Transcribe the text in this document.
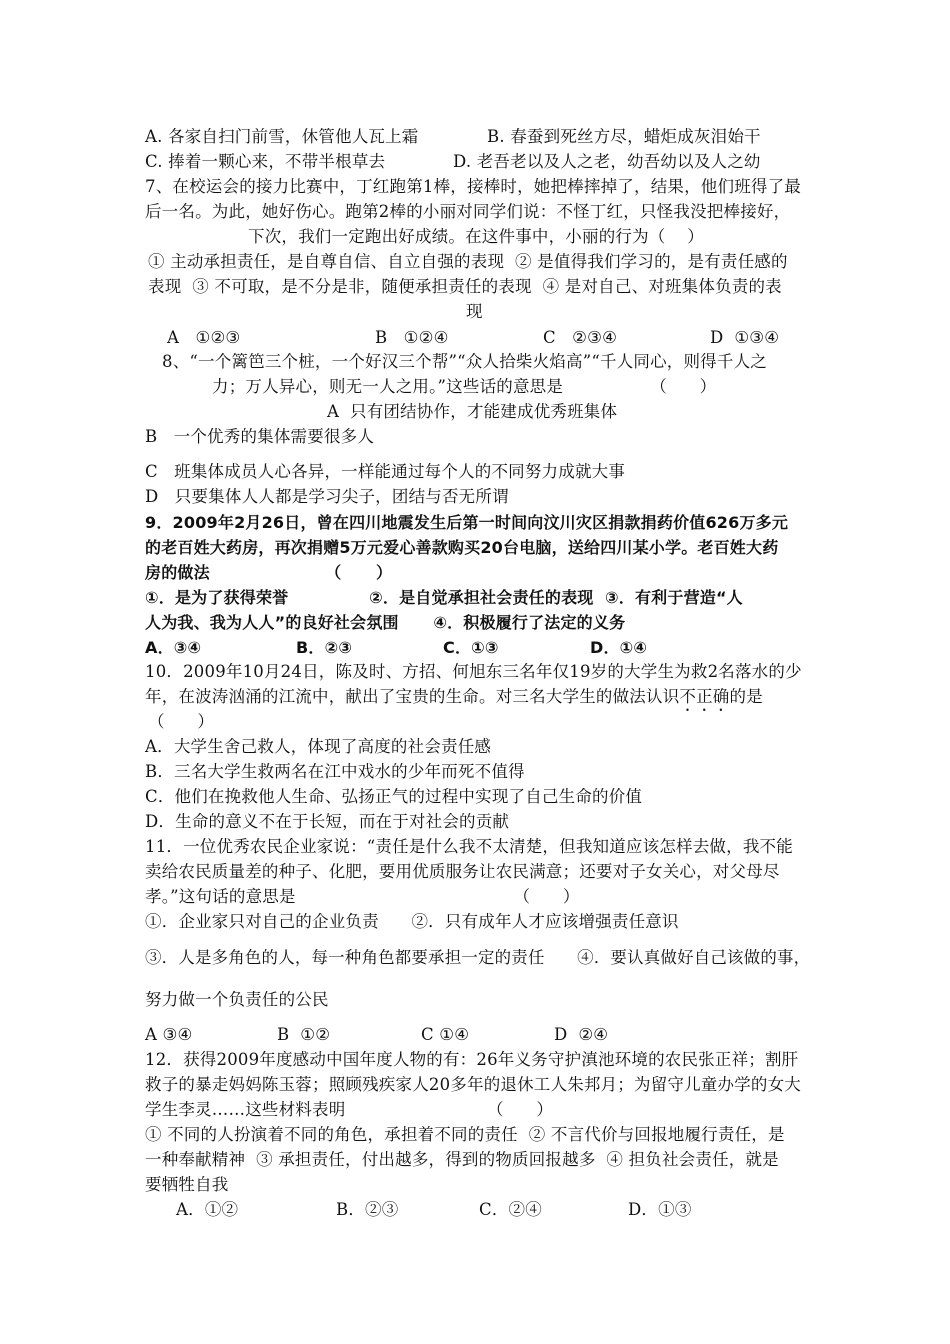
A. 各家自扫门前雪，休管他人瓦上霜	B. 春蚕到死丝方尽，蜡炬成灰泪始干
C. 捧着一颗心来，不带半根草去	D. 老吾老以及人之老，幼吾幼以及人之幼
7、在校运会的接力比赛中，丁红跑第1棒，接棒时，她把棒摔掉了，结果，他们班得了最
后一名。为此，她好伤心。跑第2棒的小丽对同学们说：不怪丁红，只怪我没把棒接好，
下次，我们一定跑出好成绩。在这件事中，小丽的行为（    ）
① 主动承担责任，是自尊自信、自立自强的表现  ② 是值得我们学习的，是有责任感的
表现  ③ 不可取，是不分是非，随便承担责任的表现  ④ 是对自己、对班集体负责的表
现
A   ①②③	B   ①②④	C   ②③④	D  ①③④
8、“一个篱笆三个桩，一个好汉三个帮”“众人拾柴火焰高”“千人同心，则得千人之
力；万人异心，则无一人之用。”这些话的意思是                （      ）
A  只有团结协作，才能建成优秀班集体
B   一个优秀的集体需要很多人
C   班集体成员人心各异，一样能通过每个人的不同努力成就大事
D   只要集体人人都是学习尖子，团结与否无所谓
9．2009年2月26日，曾在四川地震发生后第一时间向汶川灾区捐款捐药价值626万多元
的老百姓大药房，再次捐赠5万元爱心善款购买20台电脑，送给四川某小学。老百姓大药
房的做法                    （      ）
①．是为了获得荣誉              ②．是自觉承担社会责任的表现  ③．有利于营造“人
人为我、我为人人”的良好社会氛围      ④．积极履行了法定的义务
A．③④	B．②③	C．①③	D．①④
10．2009年10月24日，陈及时、方招、何旭东三名年仅19岁的大学生为救2名落水的少
年，在波涛汹涌的江流中，献出了宝贵的生命。对三名大学生的做法认识不正确的是
（      ）
A．大学生舍己救人，体现了高度的社会责任感
B．三名大学生救两名在江中戏水的少年而死不值得
C．他们在挽救他人生命、弘扬正气的过程中实现了自己生命的价值
D．生命的意义不在于长短，而在于对社会的贡献
11．一位优秀农民企业家说：“责任是什么我不太清楚，但我知道应该怎样去做，我不能
卖给农民质量差的种子、化肥，要用优质服务让农民满意；还要对子女关心，对父母尽
孝。”这句话的意思是                                        （      ）
①．企业家只对自己的企业负责      ②．只有成年人才应该增强责任意识
③．人是多角色的人，每一种角色都要承担一定的责任      ④．要认真做好自己该做的事，
努力做一个负责任的公民
A ③④	B  ①②	C ①④	D  ②④
12．获得2009年度感动中国年度人物的有：26年义务守护滇池环境的农民张正祥；割肝
救子的暴走妈妈陈玉蓉；照顾残疾家人20多年的退休工人朱邦月；为留守儿童办学的女大
学生李灵……这些材料表明                          （      ）
① 不同的人扮演着不同的角色，承担着不同的责任  ② 不言代价与回报地履行责任，是
一种奉献精神  ③ 承担责任，付出越多，得到的物质回报越多  ④ 担负社会责任，就是
要牺牲自我
A．①②	B．②③	C．②④	D．①③
